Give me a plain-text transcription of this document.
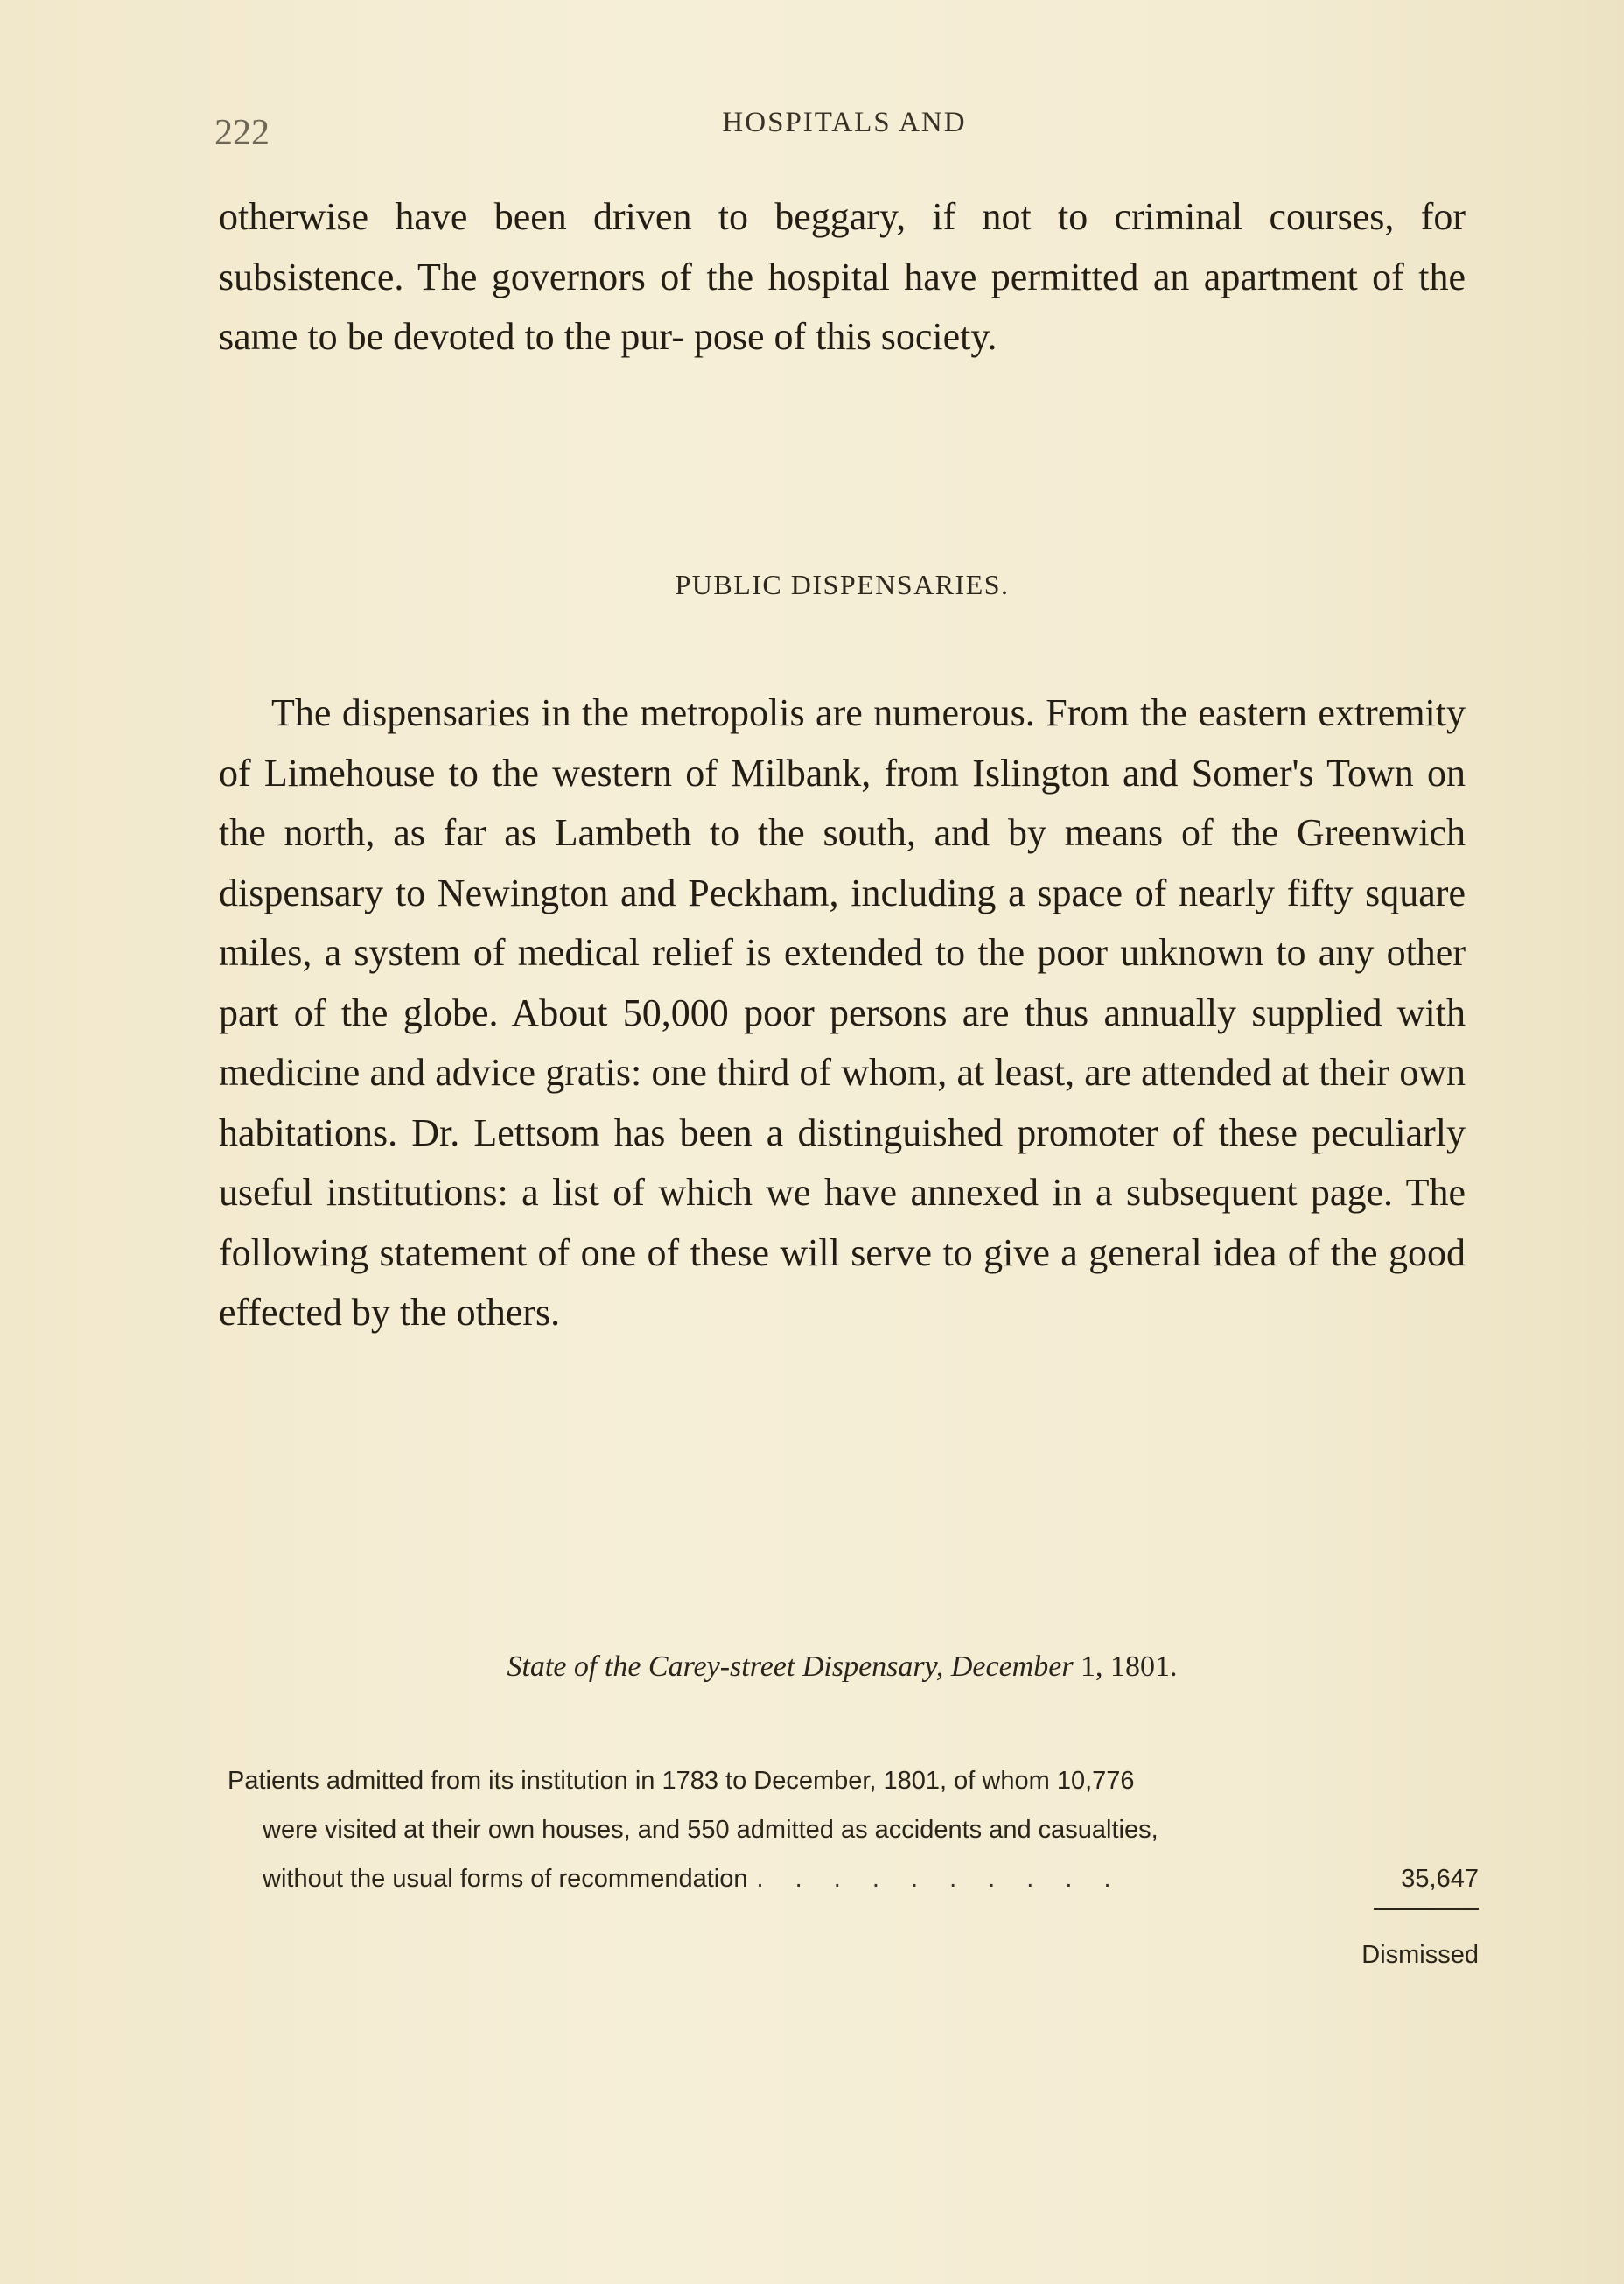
222	HOSPITALS AND

otherwise have been driven to beggary, if not to criminal courses, for subsistence. The governors of the hospital have permitted an apartment of the same to be devoted to the pur- pose of this society.

PUBLIC DISPENSARIES.

The dispensaries in the metropolis are numerous. From the eastern extremity of Limehouse to the western of Milbank, from Islington and Somer's Town on the north, as far as Lambeth to the south, and by means of the Greenwich dispensary to Newington and Peckham, including a space of nearly fifty square miles, a system of medical relief is extended to the poor unknown to any other part of the globe. About 50,000 poor persons are thus annually supplied with medicine and advice gratis: one third of whom, at least, are attended at their own habitations. Dr. Lettsom has been a distinguished promoter of these peculiarly useful institutions: a list of which we have annexed in a subsequent page. The following statement of one of these will serve to give a general idea of the good effected by the others.

State of the Carey-street Dispensary, December 1, 1801.
Patients admitted from its institution in 1783 to December, 1801, of whom 10,776
were visited at their own houses, and 550 admitted as accidents and casualties,
without the usual forms of recommendation . . . . . . . . . .	35,647
Dismissed
